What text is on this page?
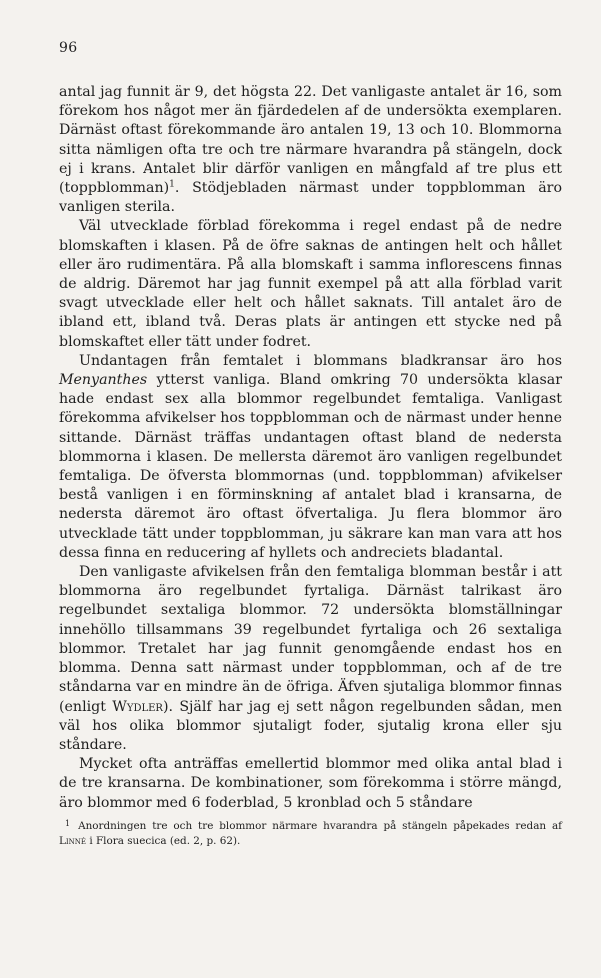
96

antal jag funnit är 9, det högsta 22. Det vanligaste antalet är 16, som förekom hos något mer än fjärdedelen af de undersökta exemplaren. Därnäst oftast förekommande äro antalen 19, 13 och 10. Blommorna sitta nämligen ofta tre och tre närmare hvarandra på stängeln, dock ej i krans. Antalet blir därför vanligen en mångfald af tre plus ett (toppblomman)$^1$. Stödjebladen närmast under toppblomman äro vanligen sterila.

Väl utvecklade förblad förekomma i regel endast på de nedre blomskaften i klasen. På de öfre saknas de antingen helt och hållet eller äro rudimentära. På alla blomskaft i samma inflorescens finnas de aldrig. Däremot har jag funnit exempel på att alla förblad varit svagt utvecklade eller helt och hållet saknats. Till antalet äro de ibland ett, ibland två. Deras plats är antingen ett stycke ned på blomskaftet eller tätt under fodret.

Undantagen från femtalet i blommans bladkransar äro hos Menyanthes ytterst vanliga. Bland omkring 70 undersökta klasar hade endast sex alla blommor regelbundet femtaliga. Vanligast förekomma afvikelser hos toppblomman och de närmast under henne sittande. Därnäst träffas undantagen oftast bland de nedersta blommorna i klasen. De mellersta däremot äro vanligen regelbundet femtaliga. De öfversta blommornas (und. toppblomman) afvikelser bestå vanligen i en förminskning af antalet blad i kransarna, de nedersta däremot äro oftast öfvertaliga. Ju flera blommor äro utvecklade tätt under toppblomman, ju säkrare kan man vara att hos dessa finna en reducering af hyllets och andreciets bladantal.

Den vanligaste afvikelsen från den femtaliga blomman består i att blommorna äro regelbundet fyrtaliga. Därnäst talrikast äro regelbundet sextaliga blommor. 72 undersökta blomställningar innehöllo tillsammans 39 regelbundet fyrtaliga och 26 sextaliga blommor. Tretalet har jag funnit genomgående endast hos en blomma. Denna satt närmast under toppblomman, och af de tre ståndarna var en mindre än de öfriga. Äfven sjutaliga blommor finnas (enligt Wydler). Själf har jag ej sett någon regelbunden sådan, men väl hos olika blommor sjutaligt foder, sjutalig krona eller sju ståndare.

Mycket ofta anträffas emellertid blommor med olika antal blad i de tre kransarna. De kombinationer, som förekomma i större mängd, äro blommor med 6 foderblad, 5 kronblad och 5 ståndare

$^1$ Anordningen tre och tre blommor närmare hvarandra på stängeln påpekades redan af Linné i Flora suecica (ed. 2, p. 62).
